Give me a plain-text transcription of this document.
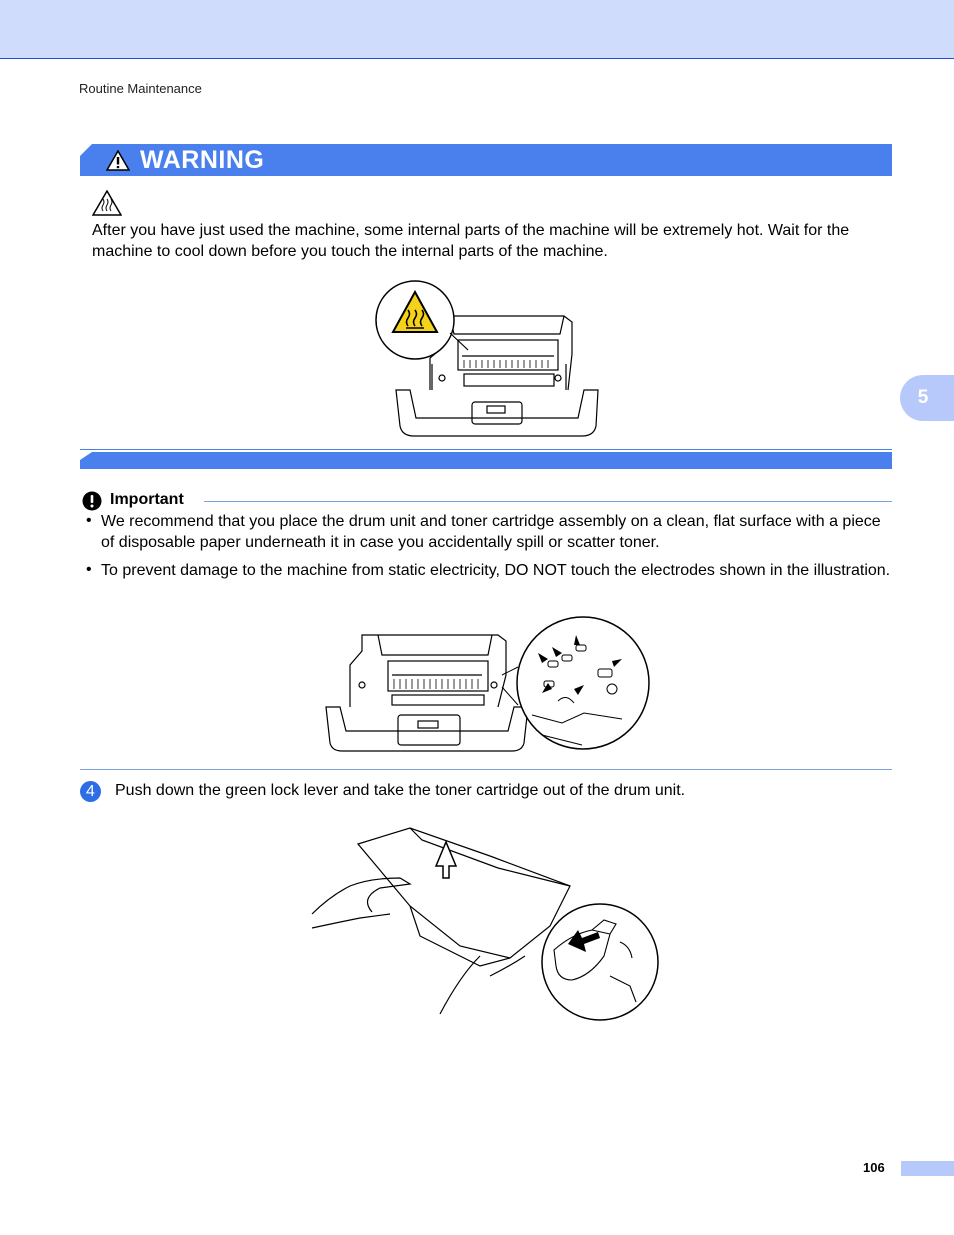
Routine Maintenance
5
WARNING
After you have just used the machine, some internal parts of the machine will be extremely hot. Wait for the machine to cool down before you touch the internal parts of the machine.
Important
• We recommend that you place the drum unit and toner cartridge assembly on a clean, flat surface with a piece of disposable paper underneath it in case you accidentally spill or scatter toner.
• To prevent damage to the machine from static electricity, DO NOT touch the electrodes shown in the illustration.
4 Push down the green lock lever and take the toner cartridge out of the drum unit.
106
